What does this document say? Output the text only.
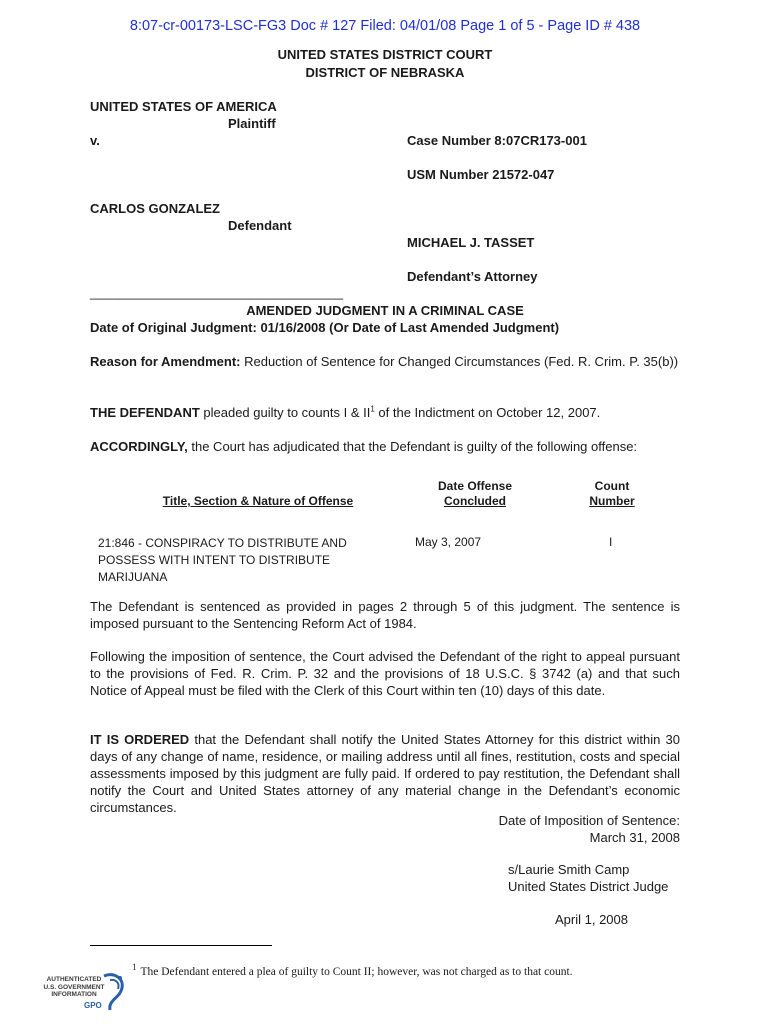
8:07-cr-00173-LSC-FG3 Doc # 127 Filed: 04/01/08 Page 1 of 5 - Page ID # 438
UNITED STATES DISTRICT COURT
DISTRICT OF NEBRASKA
UNITED STATES OF AMERICA
Plaintiff
v.	Case Number 8:07CR173-001
USM Number 21572-047
CARLOS GONZALEZ
Defendant
MICHAEL J. TASSET
Defendant’s Attorney
___________________________________
AMENDED JUDGMENT IN A CRIMINAL CASE
Date of Original Judgment: 01/16/2008 (Or Date of Last Amended Judgment)
Reason for Amendment: Reduction of Sentence for Changed Circumstances (Fed. R. Crim. P. 35(b))
THE DEFENDANT pleaded guilty to counts I & $II^1$ of the Indictment on October 12, 2007.
ACCORDINGLY, the Court has adjudicated that the Defendant is guilty of the following offense:
Title, Section & Nature of Offense
Date Offense
Concluded
Count
Number
21:846 - CONSPIRACY TO DISTRIBUTE AND POSSESS WITH INTENT TO DISTRIBUTE MARIJUANA
May 3, 2007	I
The Defendant is sentenced as provided in pages 2 through 5 of this judgment. The sentence is imposed pursuant to the Sentencing Reform Act of 1984.
Following the imposition of sentence, the Court advised the Defendant of the right to appeal pursuant to the provisions of Fed. R. Crim. P. 32 and the provisions of 18 U.S.C. § 3742 (a) and that such Notice of Appeal must be filed with the Clerk of this Court within ten (10) days of this date.
IT IS ORDERED that the Defendant shall notify the United States Attorney for this district within 30 days of any change of name, residence, or mailing address until all fines, restitution, costs and special assessments imposed by this judgment are fully paid. If ordered to pay restitution, the Defendant shall notify the Court and United States attorney of any material change in the Defendant’s economic circumstances.
Date of Imposition of Sentence:
March 31, 2008
s/Laurie Smith Camp
United States District Judge
April 1, 2008
$^1$ The Defendant entered a plea of guilty to Count II; however, was not charged as to that count.
AUTHENTICATED
U.S. GOVERNMENT
INFORMATION
GPO
